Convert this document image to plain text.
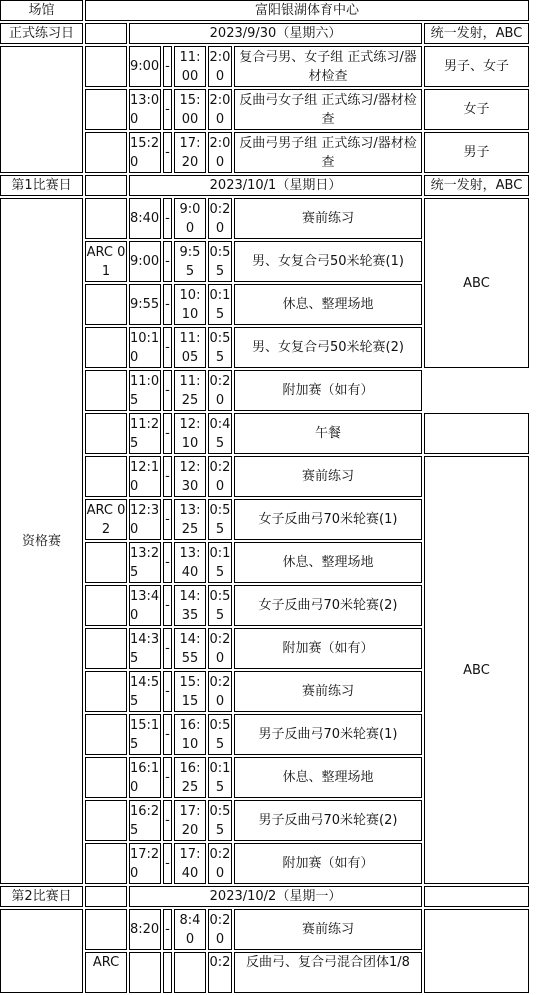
场馆	富阳银湖体育中心						
正式练习日		2023/9/30（星期六）					统一发射，ABC
		9:00	-	11:00	2:00	复合弓男、女子组 正式练习/器材检查	男子、女子
		13:00	-	15:00	2:00	反曲弓女子组 正式练习/器材检查	女子
		15:20	-	17:20	2:00	反曲弓男子组 正式练习/器材检查	男子
第1比赛日		2023/10/1（星期日）					统一发射，ABC
资格赛		8:40	-	9:00	0:20	赛前练习	ABC
	ARC 01	9:00	-	9:55	0:55	男、女复合弓50米轮赛(1)	
		9:55	-	10:10	0:15	休息、整理场地	
		10:10	-	11:05	0:55	男、女复合弓50米轮赛(2)	
		11:05	-	11:25	0:20	附加赛（如有）	
		11:25	-	12:10	0:45	午餐	
		12:10	-	12:30	0:20	赛前练习	ABC
	ARC 02	12:30	-	13:25	0:55	女子反曲弓70米轮赛(1)	
		13:25	-	13:40	0:15	休息、整理场地	
		13:40	-	14:35	0:55	女子反曲弓70米轮赛(2)	
		14:35	-	14:55	0:20	附加赛（如有）	
		14:55	-	15:15	0:20	赛前练习	
		15:15	-	16:10	0:55	男子反曲弓70米轮赛(1)	
		16:10	-	16:25	0:15	休息、整理场地	
		16:25	-	17:20	0:55	男子反曲弓70米轮赛(2)	
		17:20	-	17:40	0:20	附加赛（如有）	
第2比赛日		2023/10/2（星期一）					
		8:20	-	8:40	0:20	赛前练习	
	ARC				0:2	反曲弓、复合弓混合团体1/8	
